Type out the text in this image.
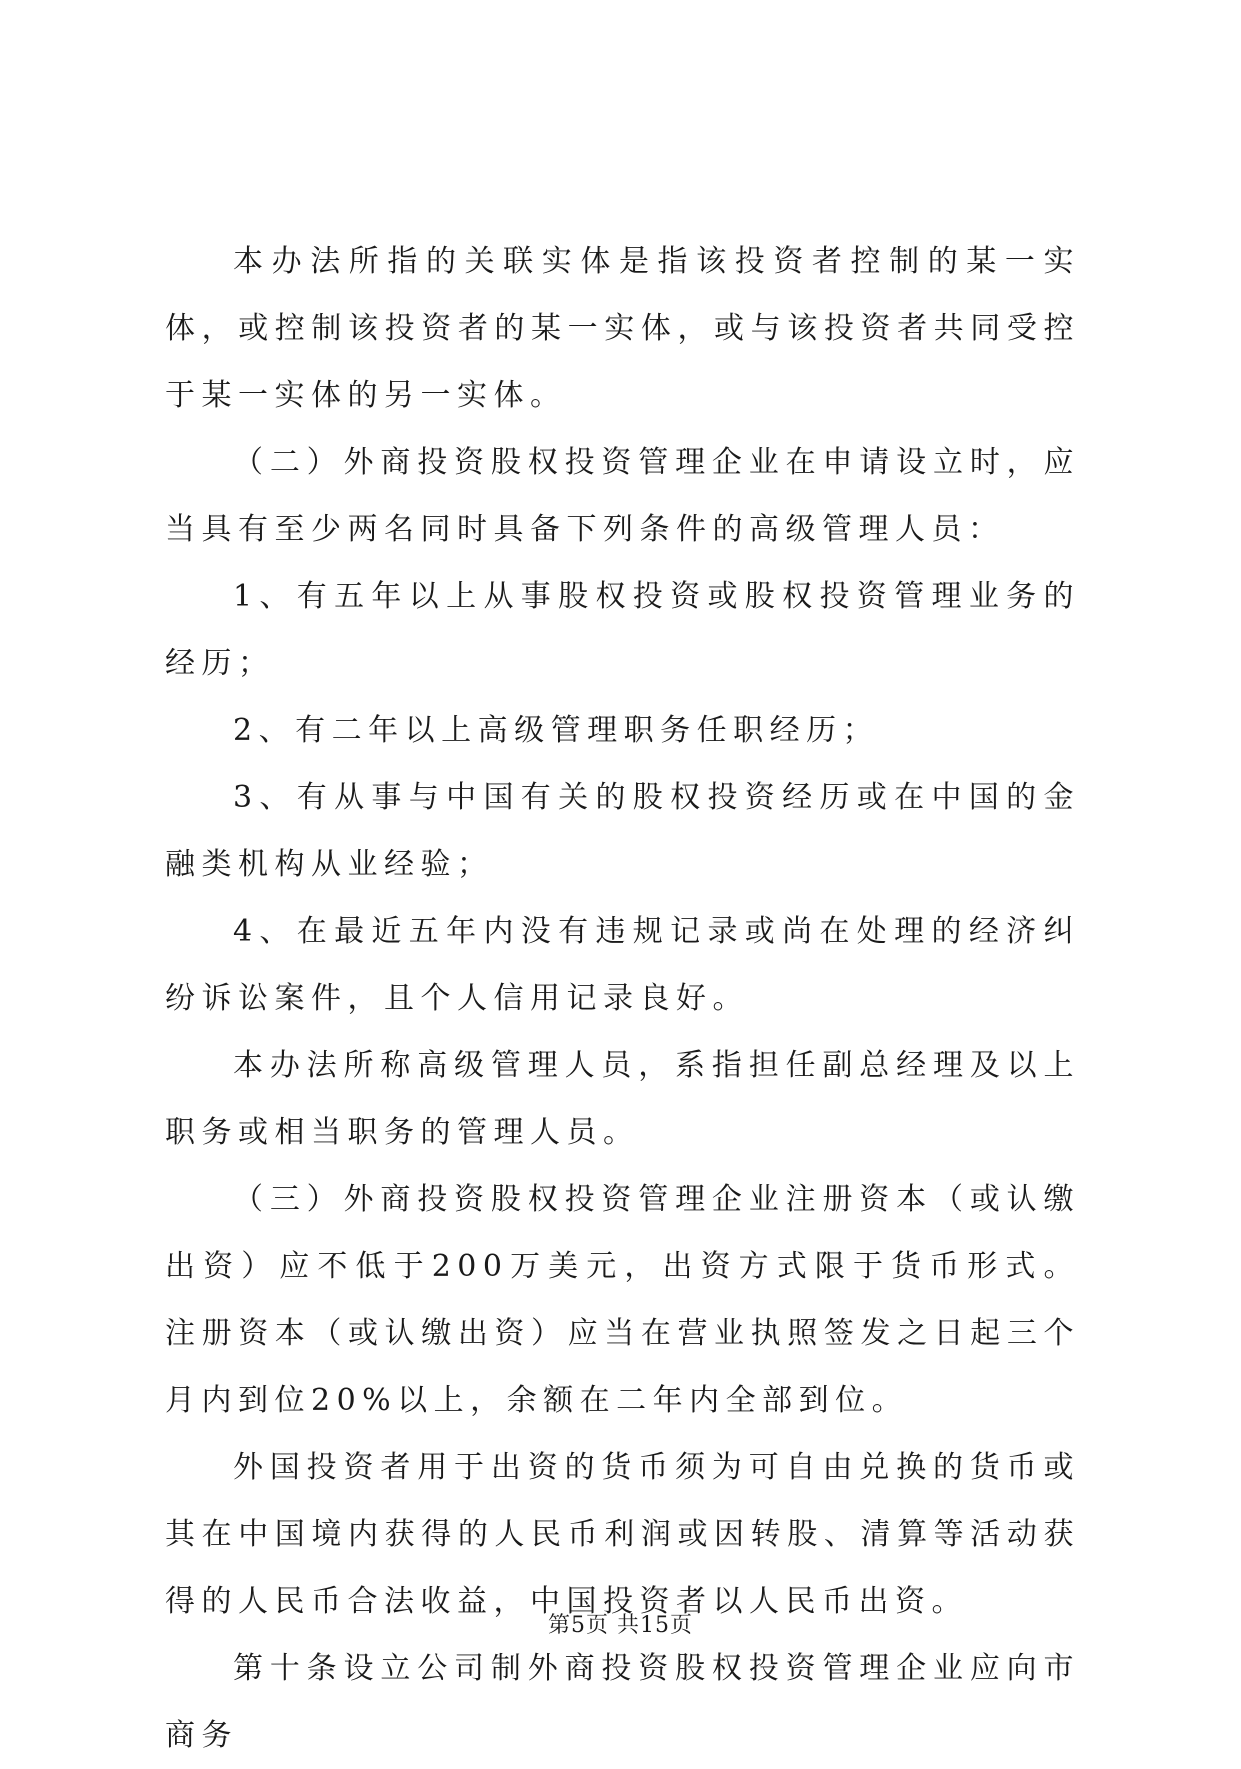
本办法所指的关联实体是指该投资者控制的某一实体，或控制该投资者的某一实体，或与该投资者共同受控于某一实体的另一实体。

（二）外商投资股权投资管理企业在申请设立时，应当具有至少两名同时具备下列条件的高级管理人员：

1、有五年以上从事股权投资或股权投资管理业务的经历；

2、有二年以上高级管理职务任职经历；

3、有从事与中国有关的股权投资经历或在中国的金融类机构从业经验；

4、在最近五年内没有违规记录或尚在处理的经济纠纷诉讼案件，且个人信用记录良好。

本办法所称高级管理人员，系指担任副总经理及以上职务或相当职务的管理人员。

（三）外商投资股权投资管理企业注册资本（或认缴出资）应不低于200万美元，出资方式限于货币形式。注册资本（或认缴出资）应当在营业执照签发之日起三个月内到位20%以上，余额在二年内全部到位。

外国投资者用于出资的货币须为可自由兑换的货币或其在中国境内获得的人民币利润或因转股、清算等活动获得的人民币合法收益，中国投资者以人民币出资。

第十条设立公司制外商投资股权投资管理企业应向市商务

第5页 共15页
